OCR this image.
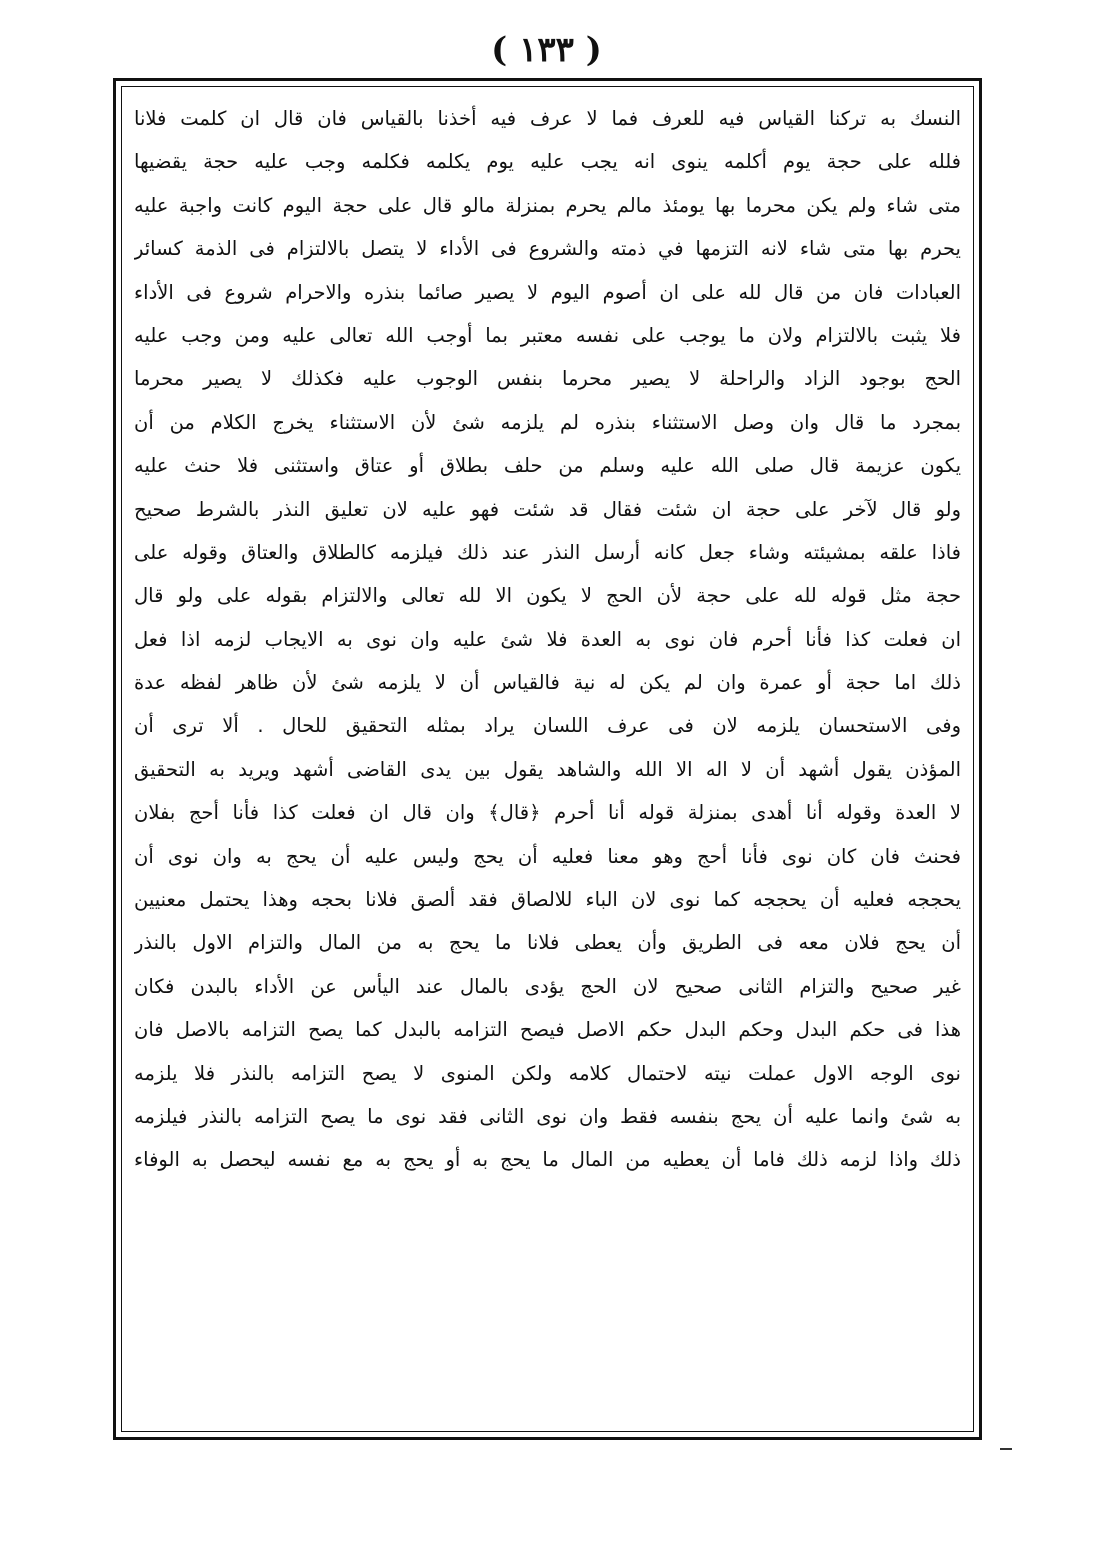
( ١٣٣ )
النسك به تركنا القياس فيه للعرف فما لا عرف فيه أخذنا بالقياس فان قال ان كلمت فلانا
فلله على حجة يوم أكلمه ينوى انه يجب عليه يوم يكلمه فكلمه وجب عليه حجة يقضيها
متى شاء ولم يكن محرما بها يومئذ مالم يحرم بمنزلة مالو قال على حجة اليوم كانت واجبة عليه
يحرم بها متى شاء لانه التزمها في ذمته والشروع فى الأداء لا يتصل بالالتزام فى الذمة كسائر
العبادات فان من قال لله على ان أصوم اليوم لا يصير صائما بنذره والاحرام شروع فى الأداء
فلا يثبت بالالتزام ولان ما يوجب على نفسه معتبر بما أوجب الله تعالى عليه ومن وجب عليه
الحج بوجود الزاد والراحلة لا يصير محرما بنفس الوجوب عليه فكذلك لا يصير محرما
بمجرد ما قال وان وصل الاستثناء بنذره لم يلزمه شئ لأن الاستثناء يخرج الكلام من أن
يكون عزيمة قال صلى الله عليه وسلم من حلف بطلاق أو عتاق واستثنى فلا حنث عليه
ولو قال لآخر على حجة ان شئت فقال قد شئت فهو عليه لان تعليق النذر بالشرط صحيح
فاذا علقه بمشيئته وشاء جعل كانه أرسل النذر عند ذلك فيلزمه كالطلاق والعتاق وقوله على
حجة مثل قوله لله على حجة لأن الحج لا يكون الا لله تعالى والالتزام بقوله على ولو قال
ان فعلت كذا فأنا أحرم فان نوى به العدة فلا شئ عليه وان نوى به الايجاب لزمه اذا فعل
ذلك اما حجة أو عمرة وان لم يكن له نية فالقياس أن لا يلزمه شئ لأن ظاهر لفظه عدة
وفى الاستحسان يلزمه لان فى عرف اللسان يراد بمثله التحقيق للحال . ألا ترى أن
المؤذن يقول أشهد أن لا اله الا الله والشاهد يقول بين يدى القاضى أشهد ويريد به التحقيق
لا العدة وقوله أنا أهدى بمنزلة قوله أنا أحرم ﴿قال﴾ وان قال ان فعلت كذا فأنا أحج بفلان
فحنث فان كان نوى فأنا أحج وهو معنا فعليه أن يحج وليس عليه أن يحج به وان نوى أن
يحججه فعليه أن يحججه كما نوى لان الباء للالصاق فقد ألصق فلانا بحجه وهذا يحتمل معنيين
أن يحج فلان معه فى الطريق وأن يعطى فلانا ما يحج به من المال والتزام الاول بالنذر
غير صحيح والتزام الثانى صحيح لان الحج يؤدى بالمال عند اليأس عن الأداء بالبدن فكان
هذا فى حكم البدل وحكم البدل حكم الاصل فيصح التزامه بالبدل كما يصح التزامه بالاصل فان
نوى الوجه الاول عملت نيته لاحتمال كلامه ولكن المنوى لا يصح التزامه بالنذر فلا يلزمه
به شئ وانما عليه أن يحج بنفسه فقط وان نوى الثانى فقد نوى ما يصح التزامه بالنذر فيلزمه
ذلك واذا لزمه ذلك فاما أن يعطيه من المال ما يحج به أو يحج به مع نفسه ليحصل به الوفاء
